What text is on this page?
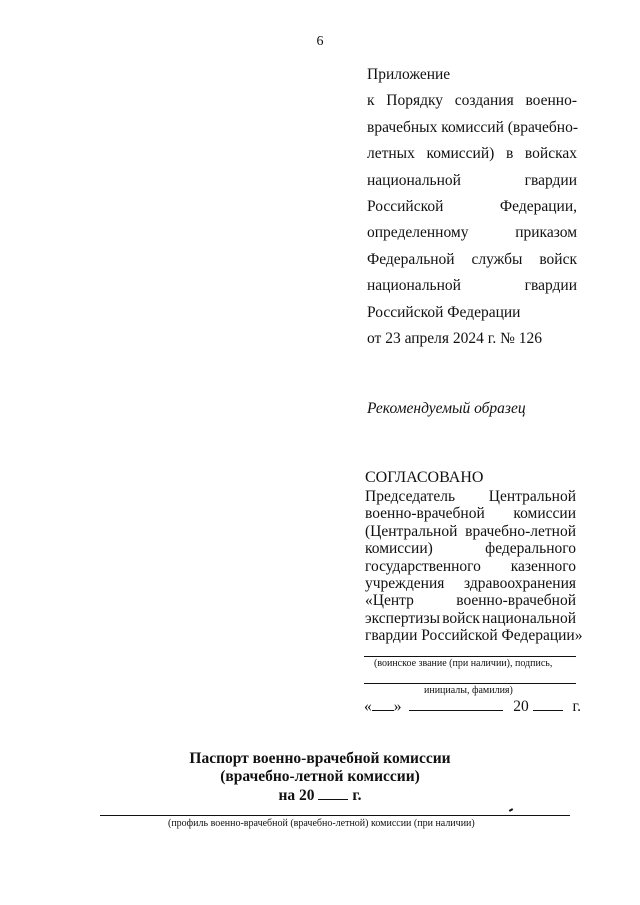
6
Приложение
к Порядку создания военно-
врачебных комиссий (врачебно-
летных комиссий) в войсках
национальной гвардии
Российской Федерации,
определенному приказом
Федеральной службы войск
национальной гвардии
Российской Федерации
от 23 апреля 2024 г. № 126
Рекомендуемый образец
СОГЛАСОВАНО
Председатель Центральной
военно-врачебной комиссии
(Центральной врачебно-летной
комиссии)	федерального
государственного казенного
учреждения здравоохранения
«Центр	военно-врачебной
экспертизы войск национальной
гвардии Российской Федерации»
(воинское звание (при наличии), подпись,
инициалы, фамилия)
« »	20	г.
Паспорт военно-врачебной комиссии
(врачебно-летной комиссии)
на 20 г.
(профиль военно-врачебной (врачебно-летной) комиссии (при наличии)
